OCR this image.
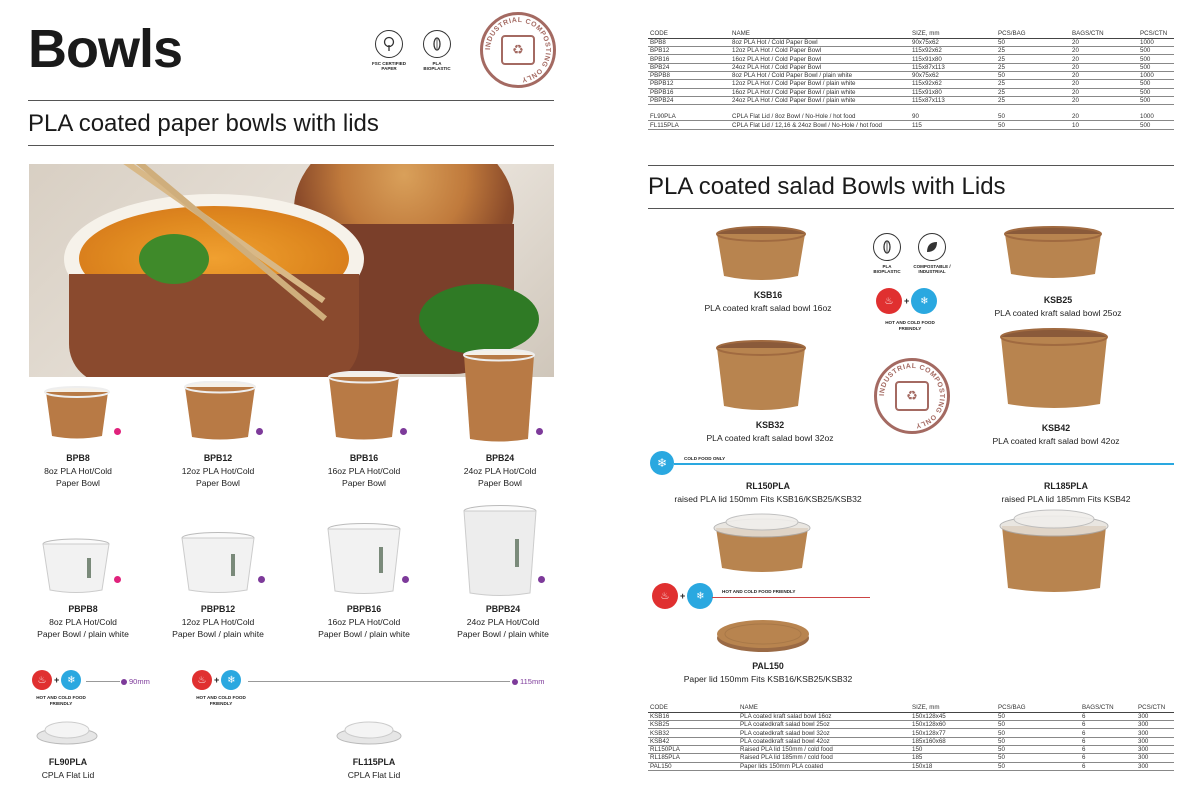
Bowls	FSC CERTIFIED PAPER
PLA BIOPLASTIC
♻
INDUSTRIAL COMPOSTING ONLY
PLA coated paper bowls with lids
BPB8
8oz PLA Hot/Cold
Paper Bowl
BPB12
12oz PLA Hot/Cold
Paper Bowl
BPB16
16oz PLA Hot/Cold
Paper Bowl
BPB24
24oz PLA Hot/Cold
Paper Bowl
PBPB8
8oz PLA Hot/Cold
Paper Bowl / plain white
PBPB12
12oz PLA Hot/Cold
Paper Bowl / plain white
PBPB16
16oz PLA Hot/Cold
Paper Bowl / plain white
PBPB24
24oz PLA Hot/Cold
Paper Bowl / plain white
♨ + ❄
HOT AND COLD FOOD FRIENDLY
90mm	♨ + ❄
HOT AND COLD FOOD FRIENDLY
115mm
FL90PLA
CPLA Flat Lid
FL115PLA
CPLA Flat Lid
CODE	NAME	SIZE, mm	PCS/BAG	BAGS/CTN	PCS/CTN
BPB8	8oz PLA Hot / Cold Paper Bowl	90x75x62	50	20	1000
BPB12	12oz PLA Hot / Cold Paper Bowl	115x92x62	25	20	500
BPB16	16oz PLA Hot / Cold Paper Bowl	115x91x80	25	20	500
BPB24	24oz PLA Hot / Cold Paper Bowl	115x87x113	25	20	500
PBPB8	8oz PLA Hot / Cold Paper Bowl / plain white	90x75x62	50	20	1000
PBPB12	12oz PLA Hot / Cold Paper Bowl / plain white	115x92x62	25	20	500
PBPB16	16oz PLA Hot / Cold Paper Bowl / plain white	115x91x80	25	20	500
PBPB24	24oz PLA Hot / Cold Paper Bowl / plain white	115x87x113	25	20	500

FL90PLA	CPLA Flat Lid / 8oz Bowl / No-Hole / hot food	90	50	20	1000
FL115PLA	CPLA Flat Lid / 12,16 & 24oz Bowl / No-Hole / hot food	115	50	10	500
PLA coated salad Bowls with Lids
KSB16
PLA coated kraft salad bowl 16oz
KSB25
PLA coated kraft salad bowl 25oz
KSB32
PLA coated kraft salad bowl 32oz
KSB42
PLA coated kraft salad bowl 42oz
PLA BIOPLASTIC
COMPOSTABLE / INDUSTRIAL
♨	+	❄
HOT AND COLD FOOD FRIENDLY
♻
INDUSTRIAL COMPOSTING ONLY
❄	COLD FOOD ONLY
RL150PLA
raised PLA lid 150mm Fits KSB16/KSB25/KSB32
RL185PLA
raised PLA lid 185mm Fits KSB42
♨	+	❄	HOT AND COLD FOOD FRIENDLY
PAL150
Paper lid 150mm Fits KSB16/KSB25/KSB32
CODE	NAME	SIZE, mm	PCS/BAG	BAGS/CTN	PCS/CTN
KSB16	PLA coated kraft salad bowl 16oz	150x128x45	50	6	300
KSB25	PLA coatedkraft salad bowl 25oz	150x128x60	50	6	300
KSB32	PLA coatedkraft salad bowl 32oz	150x128x77	50	6	300
KSB42	PLA coatedkraft salad bowl 42oz	185x160x68	50	6	300
RL150PLA	Raised PLA lid 150mm / cold food	150	50	6	300
RL185PLA	Raised PLA lid 185mm / cold food	185	50	6	300
PAL150	Paper lids 150mm PLA coated	150x18	50	6	300
